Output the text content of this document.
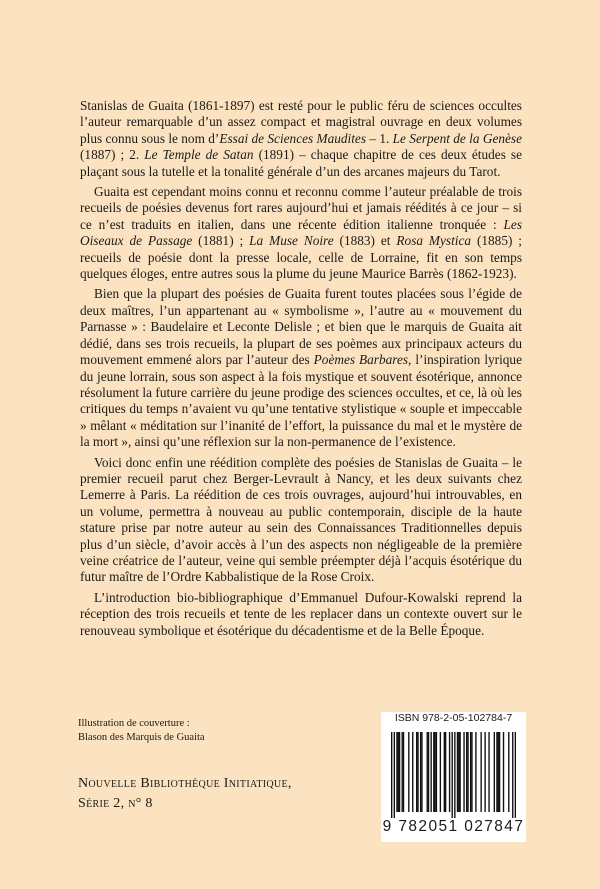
Stanislas de Guaita (1861-1897) est resté pour le public féru de sciences occultes l’auteur remarquable d’un assez compact et magistral ouvrage en deux volumes plus connu sous le nom d’Essai de Sciences Maudites – 1. Le Serpent de la Genèse (1887) ; 2. Le Temple de Satan (1891) – chaque chapitre de ces deux études se plaçant sous la tutelle et la tonalité générale d’un des arcanes majeurs du Tarot.

Guaita est cependant moins connu et reconnu comme l’auteur préalable de trois recueils de poésies devenus fort rares aujourd’hui et jamais réédités à ce jour – si ce n’est traduits en italien, dans une récente édition italienne tronquée : Les Oiseaux de Passage (1881) ; La Muse Noire (1883) et Rosa Mystica (1885) ; recueils de poésie dont la presse locale, celle de Lorraine, fit en son temps quelques éloges, entre autres sous la plume du jeune Maurice Barrès (1862-1923).

Bien que la plupart des poésies de Guaita furent toutes placées sous l’égide de deux maîtres, l’un appartenant au « symbolisme », l’autre au « mouvement du Parnasse » : Baudelaire et Leconte Delisle ; et bien que le marquis de Guaita ait dédié, dans ses trois recueils, la plupart de ses poèmes aux principaux acteurs du mouvement emmené alors par l’auteur des Poèmes Barbares, l’inspiration lyrique du jeune lorrain, sous son aspect à la fois mystique et souvent ésotérique, annonce résolument la future carrière du jeune prodige des sciences occultes, et ce, là où les critiques du temps n’avaient vu qu’une tentative stylistique « souple et impeccable » mêlant « méditation sur l’inanité de l’effort, la puissance du mal et le mystère de la mort », ainsi qu’une réflexion sur la non-permanence de l’existence.

Voici donc enfin une réédition complète des poésies de Stanislas de Guaita – le premier recueil parut chez Berger-Levrault à Nancy, et les deux suivants chez Lemerre à Paris. La réédition de ces trois ouvrages, aujourd’hui introuvables, en un volume, permettra à nouveau au public contemporain, disciple de la haute stature prise par notre auteur au sein des Connaissances Traditionnelles depuis plus d’un siècle, d’avoir accès à l’un des aspects non négligeable de la première veine créatrice de l’auteur, veine qui semble préempter déjà l’acquis ésotérique du futur maître de l’Ordre Kabbalistique de la Rose Croix.

L’introduction bio-bibliographique d’Emmanuel Dufour-Kowalski reprend la réception des trois recueils et tente de les replacer dans un contexte ouvert sur le renouveau symbolique et ésotérique du décadentisme et de la Belle Époque.

Illustration de couverture :
Blason des Marquis de Guaita
Nouvelle Bibliothèque Initiatique,
Série 2, n° 8
ISBN 978-2-05-102784-7
9 782051 027847
